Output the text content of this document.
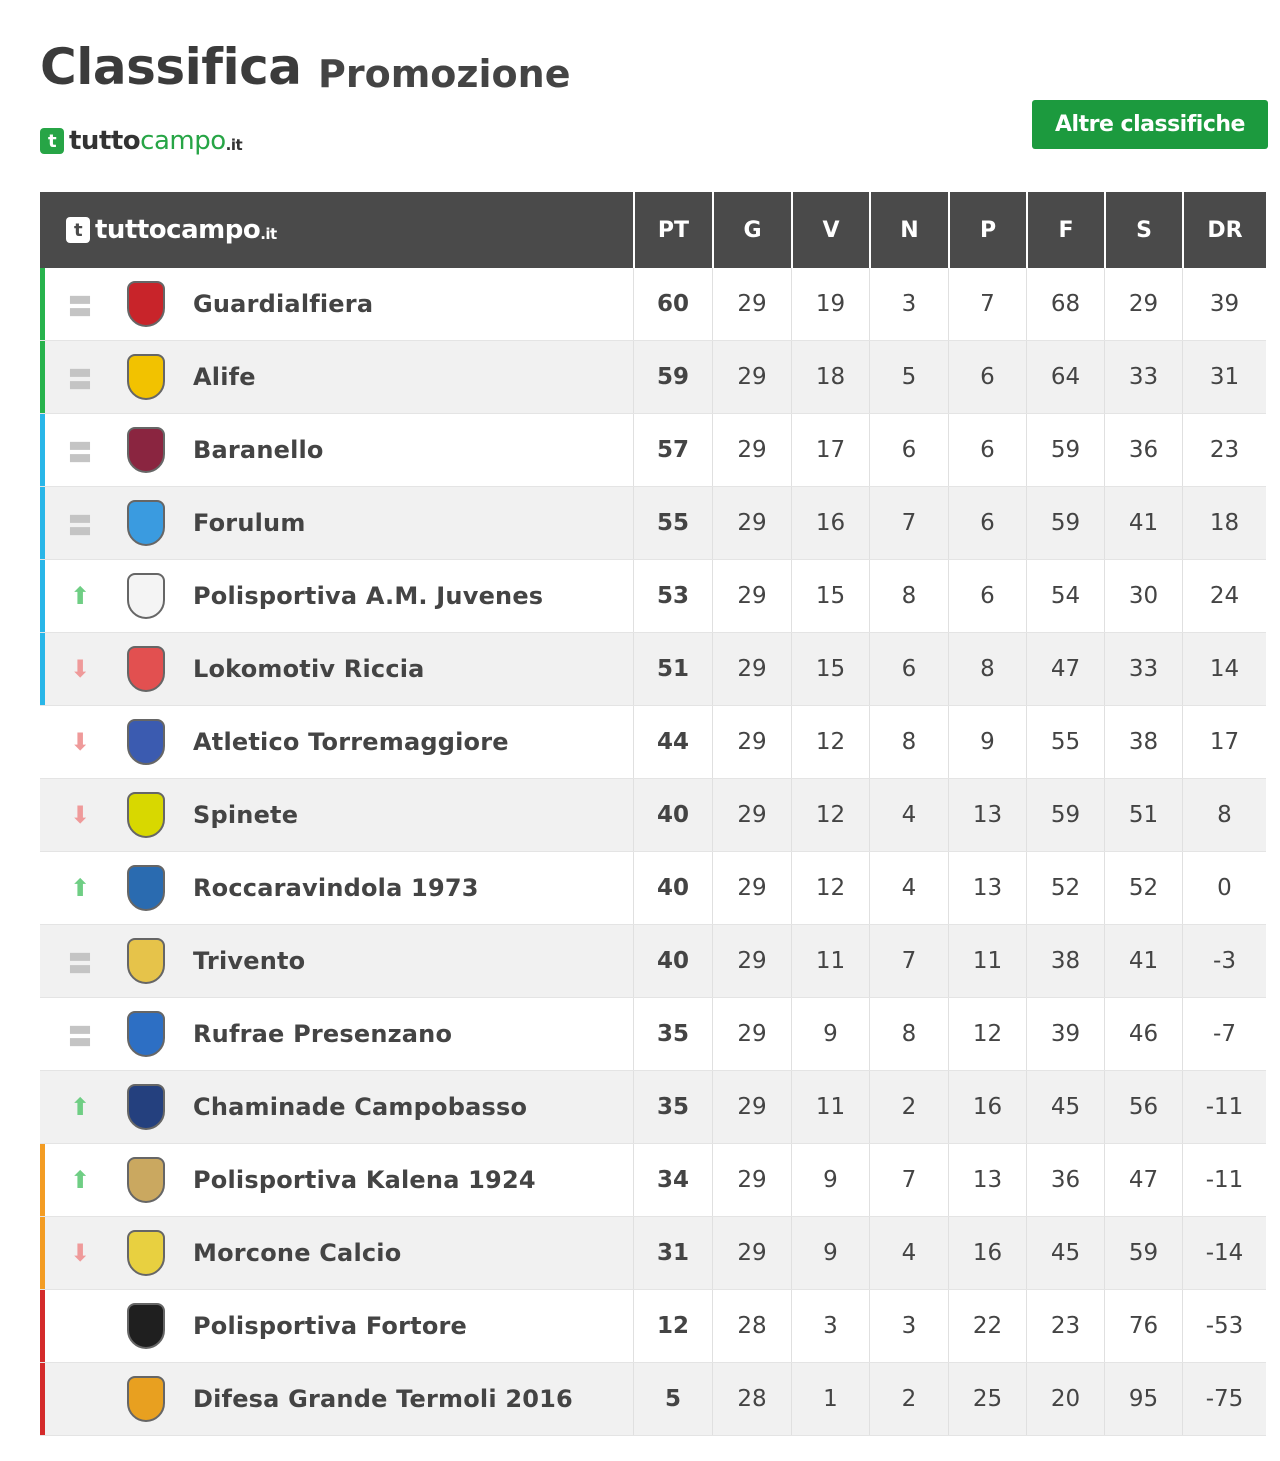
Classifica Promozione
t tutto campo .it
Altre classifiche
t tuttocampo .it	PT	G	V	N	P	F	S	DR
〓	Guardialfiera	60	29	19	3	7	68	29	39
〓	Alife	59	29	18	5	6	64	33	31
〓	Baranello	57	29	17	6	6	59	36	23
〓	Forulum	55	29	16	7	6	59	41	18
⬆	Polisportiva A.M. Juvenes	53	29	15	8	6	54	30	24
⬇	Lokomotiv Riccia	51	29	15	6	8	47	33	14
⬇	Atletico Torremaggiore	44	29	12	8	9	55	38	17
⬇	Spinete	40	29	12	4	13	59	51	8
⬆	Roccaravindola 1973	40	29	12	4	13	52	52	0
〓	Trivento	40	29	11	7	11	38	41	-3
〓	Rufrae Presenzano	35	29	9	8	12	39	46	-7
⬆	Chaminade Campobasso	35	29	11	2	16	45	56	-11
⬆	Polisportiva Kalena 1924	34	29	9	7	13	36	47	-11
⬇	Morcone Calcio	31	29	9	4	16	45	59	-14
Polisportiva Fortore	12	28	3	3	22	23	76	-53
Difesa Grande Termoli 2016	5	28	1	2	25	20	95	-75
